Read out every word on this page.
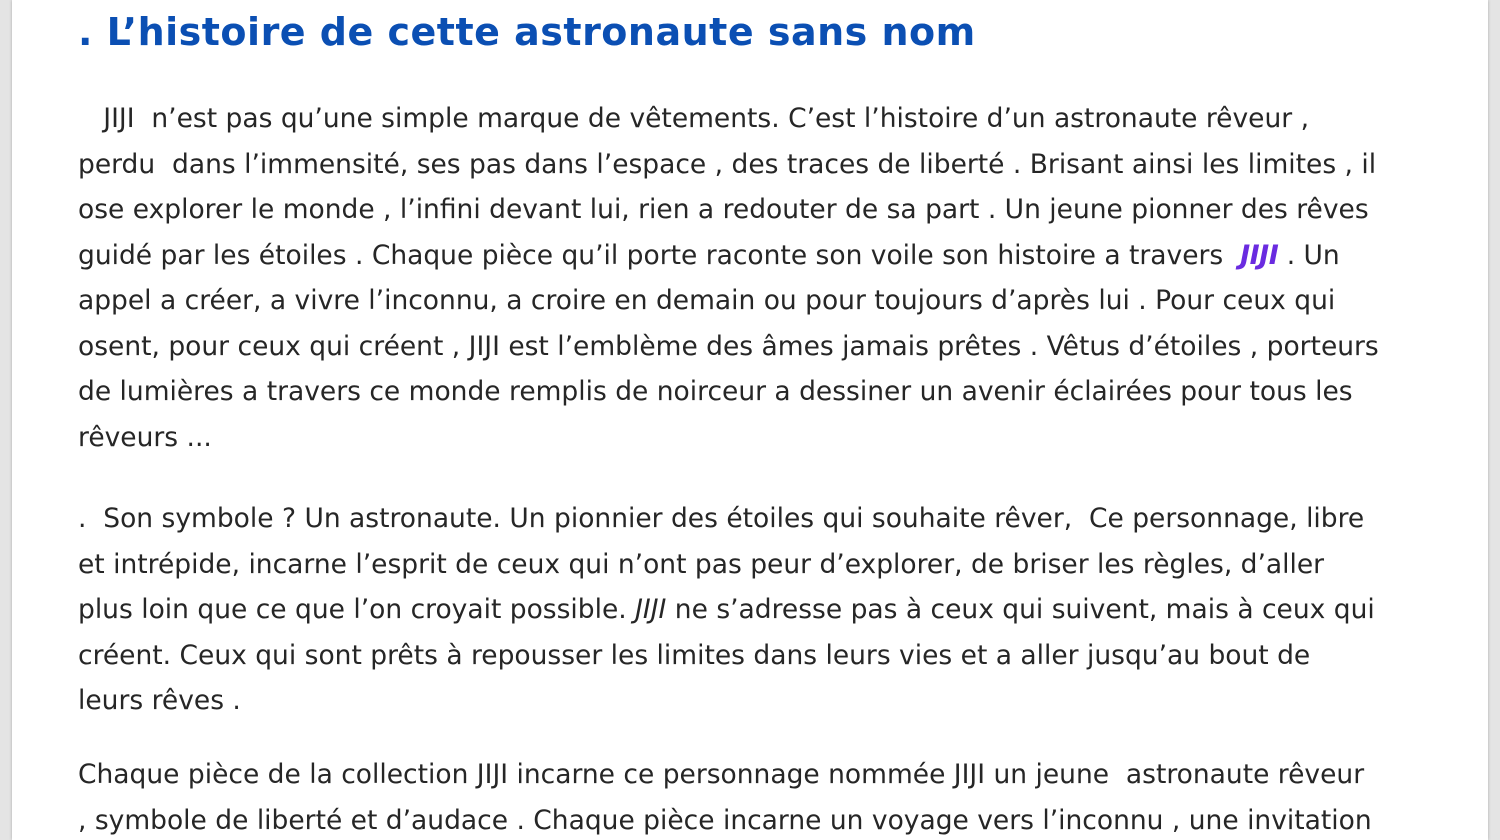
. L’histoire de cette astronaute sans nom
JIJI  n’est pas qu’une simple marque de vêtements. C’est l’histoire d’un astronaute rêveur ,
perdu  dans l’immensité, ses pas dans l’espace , des traces de liberté . Brisant ainsi les limites , il
ose explorer le monde , l’infini devant lui, rien a redouter de sa part . Un jeune pionner des rêves
guidé par les étoiles . Chaque pièce qu’il porte raconte son voile son histoire a travers  JIJI . Un
appel a créer, a vivre l’inconnu, a croire en demain ou pour toujours d’après lui . Pour ceux qui
osent, pour ceux qui créent , JIJI est l’emblème des âmes jamais prêtes . Vêtus d’étoiles , porteurs
de lumières a travers ce monde remplis de noirceur a dessiner un avenir éclairées pour tous les
rêveurs ...
.  Son symbole ? Un astronaute. Un pionnier des étoiles qui souhaite rêver,  Ce personnage, libre
et intrépide, incarne l’esprit de ceux qui n’ont pas peur d’explorer, de briser les règles, d’aller
plus loin que ce que l’on croyait possible. JIJI ne s’adresse pas à ceux qui suivent, mais à ceux qui
créent. Ceux qui sont prêts à repousser les limites dans leurs vies et a aller jusqu’au bout de
leurs rêves .
Chaque pièce de la collection JIJI incarne ce personnage nommée JIJI un jeune  astronaute rêveur
, symbole de liberté et d’audace . Chaque pièce incarne un voyage vers l’inconnu , une invitation
